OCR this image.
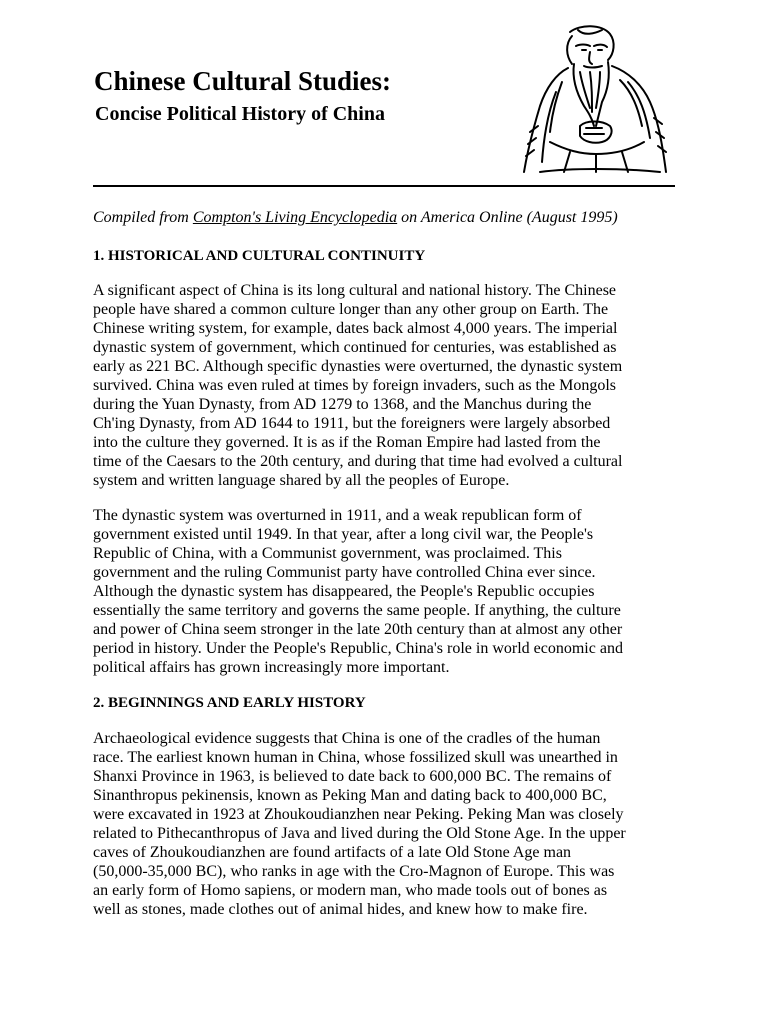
Chinese Cultural Studies:
Concise Political History of China
Compiled from Compton's Living Encyclopedia on America Online (August 1995)
1. HISTORICAL AND CULTURAL CONTINUITY
A significant aspect of China is its long cultural and national history. The Chinese
people have shared a common culture longer than any other group on Earth. The
Chinese writing system, for example, dates back almost 4,000 years. The imperial
dynastic system of government, which continued for centuries, was established as
early as 221 BC. Although specific dynasties were overturned, the dynastic system
survived. China was even ruled at times by foreign invaders, such as the Mongols
during the Yuan Dynasty, from AD 1279 to 1368, and the Manchus during the
Ch'ing Dynasty, from AD 1644 to 1911, but the foreigners were largely absorbed
into the culture they governed. It is as if the Roman Empire had lasted from the
time of the Caesars to the 20th century, and during that time had evolved a cultural
system and written language shared by all the peoples of Europe.
The dynastic system was overturned in 1911, and a weak republican form of
government existed until 1949. In that year, after a long civil war, the People's
Republic of China, with a Communist government, was proclaimed. This
government and the ruling Communist party have controlled China ever since.
Although the dynastic system has disappeared, the People's Republic occupies
essentially the same territory and governs the same people. If anything, the culture
and power of China seem stronger in the late 20th century than at almost any other
period in history. Under the People's Republic, China's role in world economic and
political affairs has grown increasingly more important.
2. BEGINNINGS AND EARLY HISTORY
Archaeological evidence suggests that China is one of the cradles of the human
race. The earliest known human in China, whose fossilized skull was unearthed in
Shanxi Province in 1963, is believed to date back to 600,000 BC. The remains of
Sinanthropus pekinensis, known as Peking Man and dating back to 400,000 BC,
were excavated in 1923 at Zhoukoudianzhen near Peking. Peking Man was closely
related to Pithecanthropus of Java and lived during the Old Stone Age. In the upper
caves of Zhoukoudianzhen are found artifacts of a late Old Stone Age man
(50,000-35,000 BC), who ranks in age with the Cro-Magnon of Europe. This was
an early form of Homo sapiens, or modern man, who made tools out of bones as
well as stones, made clothes out of animal hides, and knew how to make fire.
